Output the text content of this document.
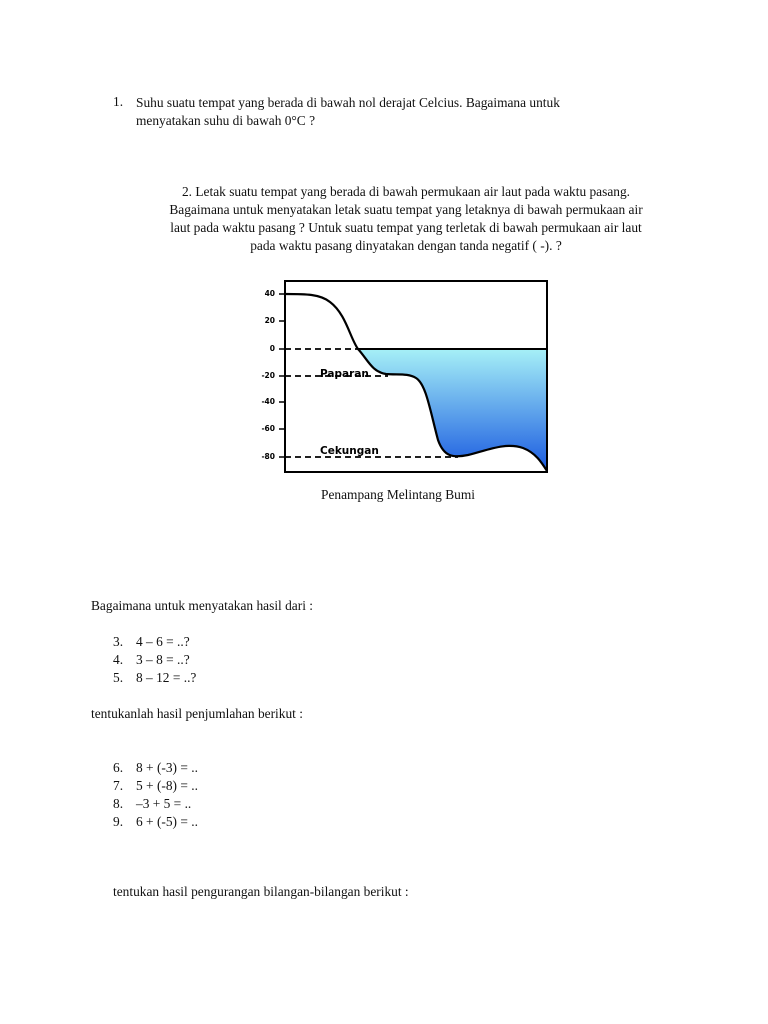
1. Suhu suatu tempat yang berada di bawah nol derajat Celcius. Bagaimana untuk
menyatakan suhu di bawah 0°C ?
2. Letak suatu tempat yang berada di bawah permukaan air laut pada waktu pasang.
Bagaimana untuk menyatakan letak suatu tempat yang letaknya di bawah permukaan air
laut pada waktu pasang ? Untuk suatu tempat yang terletak di bawah permukaan air laut
pada waktu pasang dinyatakan dengan tanda negatif ( -). ?
40
20
0
-20
-40
-60
-80
Paparan
Cekungan
Penampang Melintang Bumi
Bagaimana untuk menyatakan hasil dari :
3. 4 – 6 = ..?
4. 3 – 8 = ..?
5. 8 – 12 = ..?
tentukanlah hasil penjumlahan berikut :
6. 8 + (-3) = ..
7. 5 + (-8) = ..
8. –3 + 5 = ..
9. 6 + (-5) = ..
tentukan hasil pengurangan bilangan-bilangan berikut :
